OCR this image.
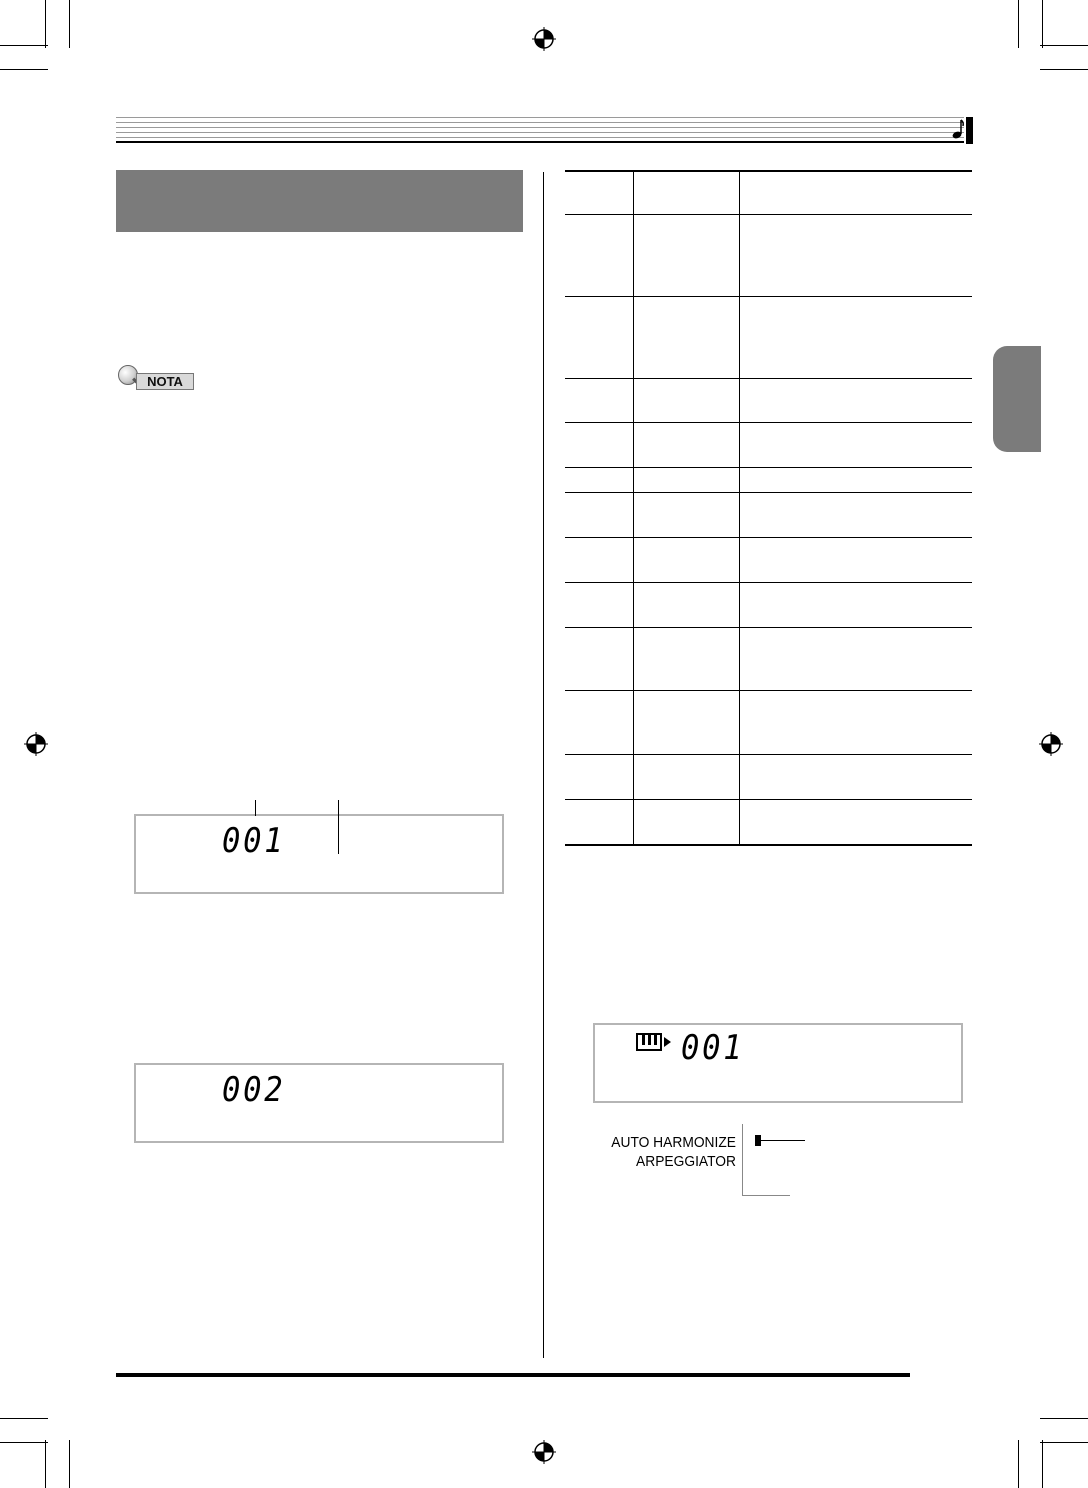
NOTA
001
002
001
AUTO HARMONIZE
ARPEGGIATOR
